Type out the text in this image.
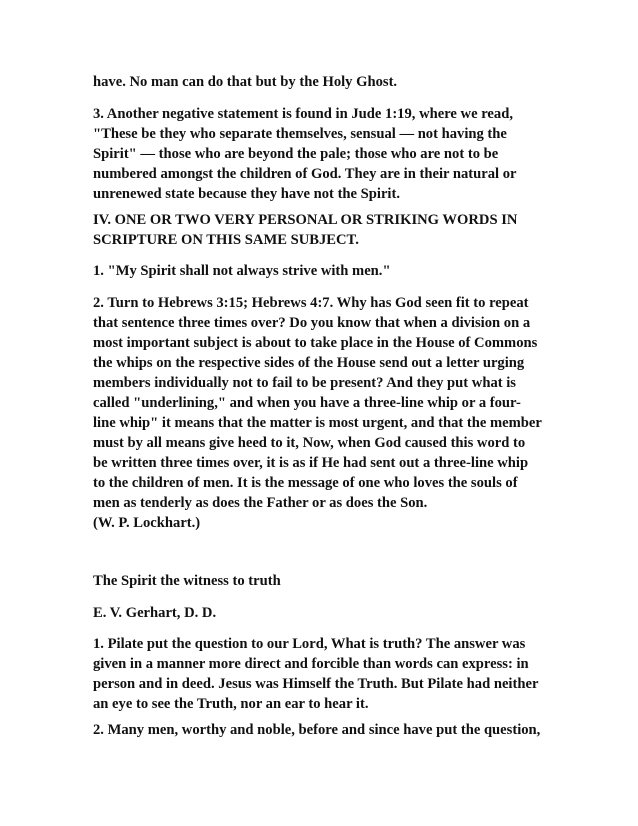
have. No man can do that but by the Holy Ghost.
3. Another negative statement is found in Jude 1:19, where we read,
"These be they who separate themselves, sensual — not having the
Spirit" — those who are beyond the pale; those who are not to be
numbered amongst the children of God. They are in their natural or
unrenewed state because they have not the Spirit.
IV. ONE OR TWO VERY PERSONAL OR STRIKING WORDS IN
SCRIPTURE ON THIS SAME SUBJECT.
1. "My Spirit shall not always strive with men."
2. Turn to Hebrews 3:15; Hebrews 4:7. Why has God seen fit to repeat
that sentence three times over? Do you know that when a division on a
most important subject is about to take place in the House of Commons
the whips on the respective sides of the House send out a letter urging
members individually not to fail to be present? And they put what is
called "underlining," and when you have a three-line whip or a four-
line whip" it means that the matter is most urgent, and that the member
must by all means give heed to it, Now, when God caused this word to
be written three times over, it is as if He had sent out a three-line whip
to the children of men. It is the message of one who loves the souls of
men as tenderly as does the Father or as does the Son.
(W. P. Lockhart.)
The Spirit the witness to truth
E. V. Gerhart, D. D.
1. Pilate put the question to our Lord, What is truth? The answer was
given in a manner more direct and forcible than words can express: in
person and in deed. Jesus was Himself the Truth. But Pilate had neither
an eye to see the Truth, nor an ear to hear it.
2. Many men, worthy and noble, before and since have put the question,
